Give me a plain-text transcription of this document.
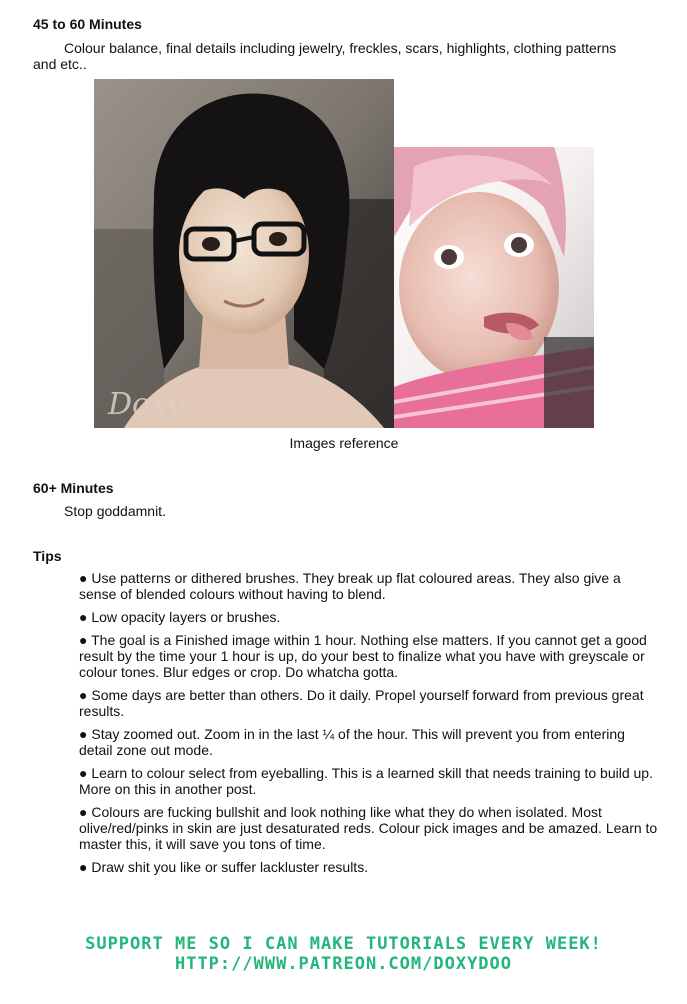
45 to 60 Minutes

Colour balance, final details including jewelry, freckles, scars, highlights, clothing patterns and etc..

Doxy
Images reference
60+ Minutes

Stop goddamnit.

Tips
● Use patterns or dithered brushes. They break up flat coloured areas. They also give a sense of blended colours without having to blend.
● Low opacity layers or brushes.
● The goal is a Finished image within 1 hour. Nothing else matters. If you cannot get a good result by the time your 1 hour is up, do your best to finalize what you have with greyscale or colour tones. Blur edges or crop. Do whatcha gotta.
● Some days are better than others. Do it daily. Propel yourself forward from previous great results.
● Stay zoomed out. Zoom in in the last ¼ of the hour. This will prevent you from entering detail zone out mode.
● Learn to colour select from eyeballing. This is a learned skill that needs training to build up. More on this in another post.
● Colours are fucking bullshit and look nothing like what they do when isolated. Most olive/red/pinks in skin are just desaturated reds. Colour pick images and be amazed. Learn to master this, it will save you tons of time.
● Draw shit you like or suffer lackluster results.
SUPPORT ME SO I CAN MAKE TUTORIALS EVERY WEEK!
HTTP://WWW.PATREON.COM/DOXYDOO
